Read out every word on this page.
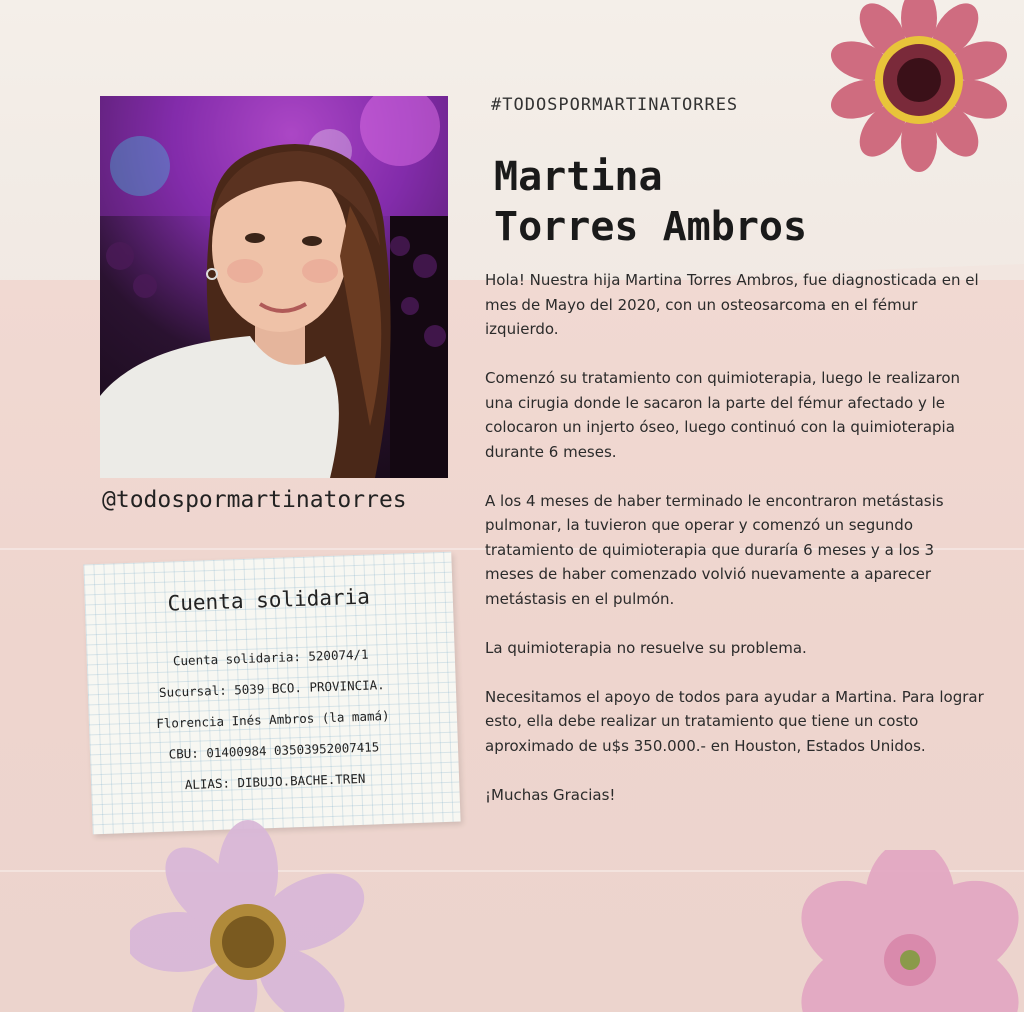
@todospormartinatorres
#TODOSPORMARTINATORRES
Martina
Torres Ambros

Hola! Nuestra hija Martina Torres Ambros, fue diagnosticada en el mes de Mayo del 2020, con un osteosarcoma en el fémur izquierdo.

Comenzó su tratamiento con quimioterapia, luego le realizaron una cirugia donde le sacaron la parte del fémur afectado y le colocaron un injerto óseo, luego continuó con la quimioterapia durante 6 meses.

A los 4 meses de haber terminado le encontraron metástasis pulmonar, la tuvieron que operar y comenzó un segundo tratamiento de quimioterapia que duraría 6 meses y a los 3 meses de haber comenzado volvió nuevamente a aparecer metástasis en el pulmón.

La quimioterapia no resuelve su problema.

Necesitamos el apoyo de todos para ayudar a Martina. Para lograr esto, ella debe realizar un tratamiento que tiene un costo aproximado de u$s 350.000.- en Houston, Estados Unidos.

¡Muchas Gracias!

Cuenta solidaria
Cuenta solidaria: 520074/1
Sucursal: 5039 BCO. PROVINCIA.
Florencia Inés Ambros (la mamá)
CBU: 01400984 03503952007415
ALIAS: DIBUJO.BACHE.TREN
